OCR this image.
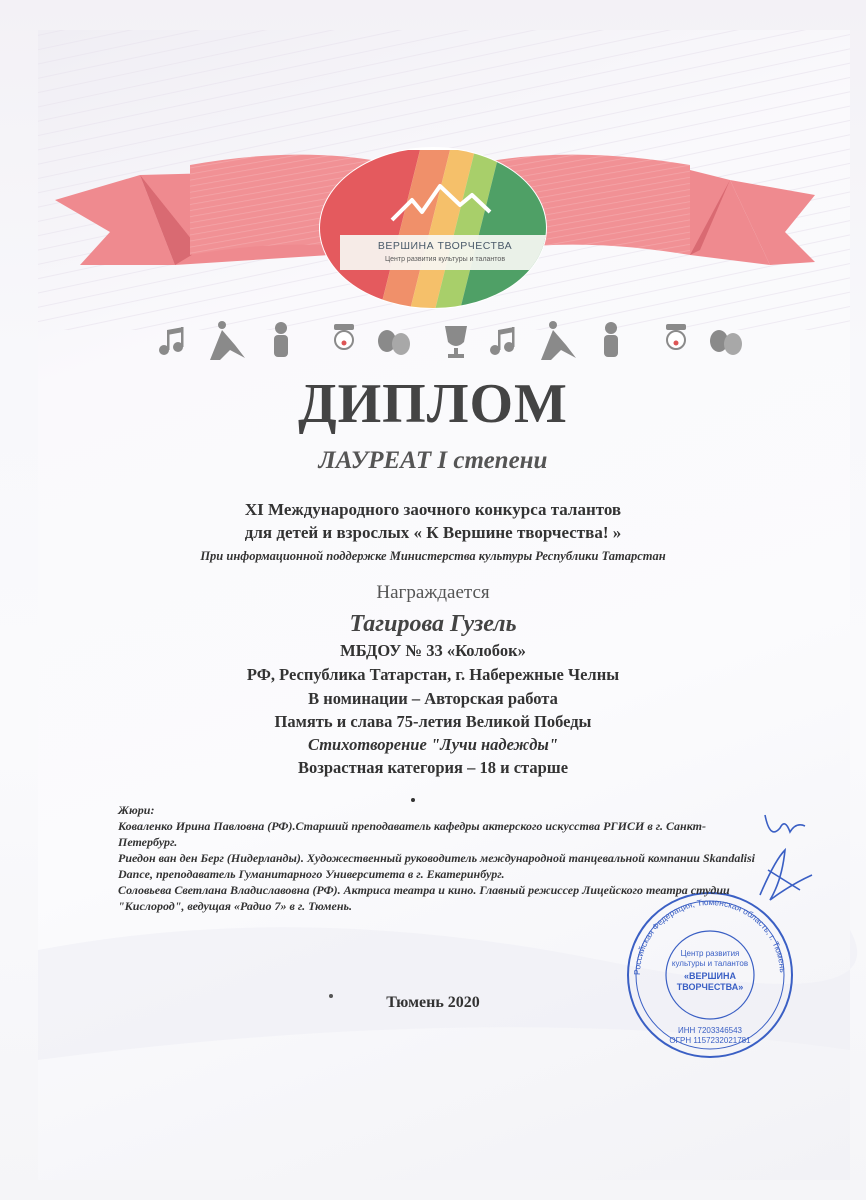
Российская Федерация, Тюменская область, г. Тюмень
Центр развития
культуры и талантов
«ВЕРШИНА
ТВОРЧЕСТВА»
ИНН 7203346543
ОГРН 1157232021781
ВЕРШИНА ТВОРЧЕСТВА
Центр развития культуры и талантов
ДИПЛОМ
ЛАУРЕАТ I степени
XI Международного заочного конкурса талантов
для детей и взрослых « К Вершине творчества! »
При информационной поддержке Министерства культуры Республики Татарстан
Награждается
Тагирова Гузель
МБДОУ № 33 «Колобок»
РФ, Республика Татарстан, г. Набережные Челны
В номинации – Авторская работа
Память и слава 75-летия Великой Победы
Стихотворение "Лучи надежды"
Возрастная категория – 18 и старше

Жюри:

Коваленко Ирина Павловна (РФ).Старший преподаватель кафедры актерского искусства РГИСИ в г. Санкт-Петербург.

Риедон ван ден Берг (Нидерланды). Художественный руководитель международной танцевальной компании Skandalisi Dance, преподаватель Гуманитарного Университета в г. Екатеринбург.

Соловьева Светлана Владиславовна (РФ). Актриса театра и кино. Главный режиссер Лицейского театра студии "Кислород", ведущая «Радио 7» в г. Тюмень.

Тюмень 2020
